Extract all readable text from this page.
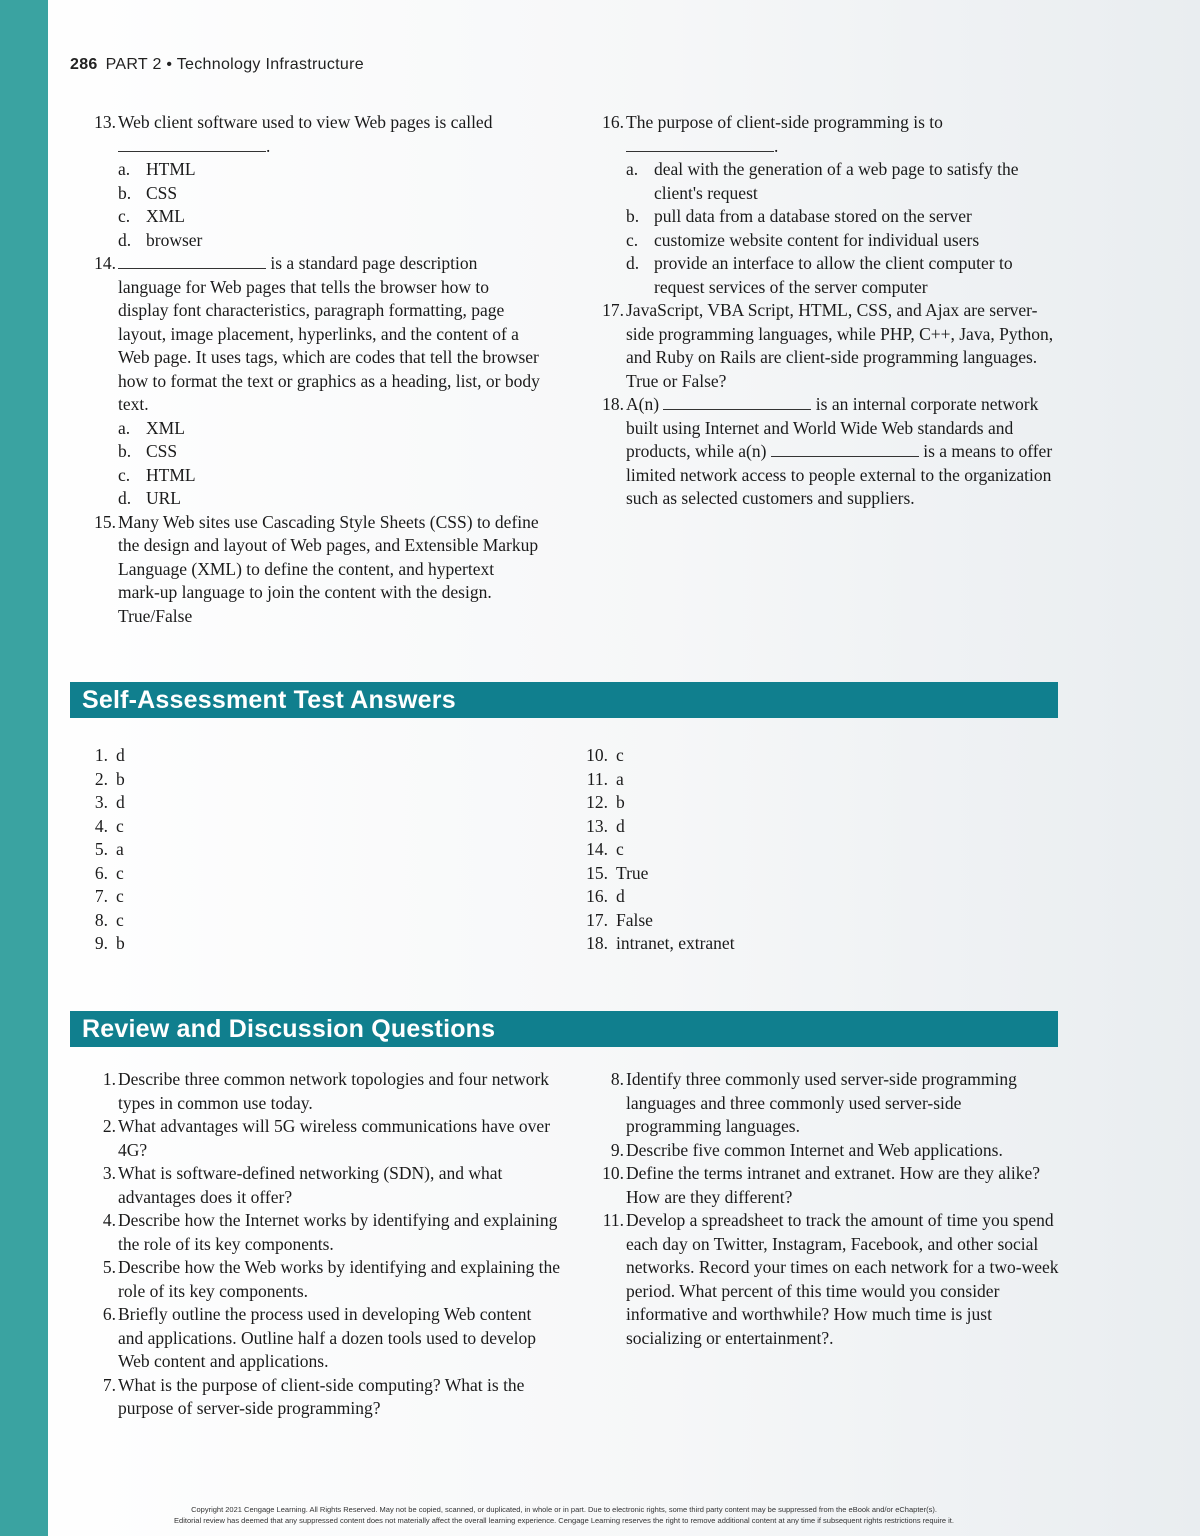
286 PART 2 • Technology Infrastructure
13. Web client software used to view Web pages is called .
a. HTML
b. CSS
c. XML
d. browser
14.	is a standard page description language for Web pages that tells the browser how to display font characteristics, paragraph formatting, page layout, image placement, hyperlinks, and the content of a Web page. It uses tags, which are codes that tell the browser how to format the text or graphics as a heading, list, or body text.
a. XML
b. CSS
c. HTML
d. URL
15. Many Web sites use Cascading Style Sheets (CSS) to define the design and layout of Web pages, and Extensible Markup Language (XML) to define the content, and hypertext mark-up language to join the content with the design. True/False
16. The purpose of client-side programming is to
.
a. deal with the generation of a web page to satisfy the client's request
b. pull data from a database stored on the server
c. customize website content for individual users
d. provide an interface to allow the client computer to request services of the server computer
17. JavaScript, VBA Script, HTML, CSS, and Ajax are server-side programming languages, while PHP, C++, Java, Python, and Ruby on Rails are client-side programming languages. True or False?
18. A(n)	is an internal corporate network built using Internet and World Wide Web standards and products, while a(n)	is a means to offer limited network access to people external to the organization such as selected customers and suppliers.
Self-Assessment Test Answers
1. d
2. b
3. d
4. c
5. a
6. c
7. c
8. c
9. b
10. c
11. a
12. b
13. d
14. c
15. True
16. d
17. False
18. intranet, extranet
Review and Discussion Questions
1. Describe three common network topologies and four network types in common use today.
2. What advantages will 5G wireless communications have over 4G?
3. What is software-defined networking (SDN), and what advantages does it offer?
4. Describe how the Internet works by identifying and explaining the role of its key components.
5. Describe how the Web works by identifying and explaining the role of its key components.
6. Briefly outline the process used in developing Web content and applications. Outline half a dozen tools used to develop Web content and applications.
7. What is the purpose of client-side computing? What is the purpose of server-side programming?
8. Identify three commonly used server-side programming languages and three commonly used server-side programming languages.
9. Describe five common Internet and Web applications.
10. Define the terms intranet and extranet. How are they alike? How are they different?
11. Develop a spreadsheet to track the amount of time you spend each day on Twitter, Instagram, Facebook, and other social networks. Record your times on each network for a two-week period. What percent of this time would you consider informative and worthwhile? How much time is just socializing or entertainment?.
Copyright 2021 Cengage Learning. All Rights Reserved. May not be copied, scanned, or duplicated, in whole or in part. Due to electronic rights, some third party content may be suppressed from the eBook and/or eChapter(s).
Editorial review has deemed that any suppressed content does not materially affect the overall learning experience. Cengage Learning reserves the right to remove additional content at any time if subsequent rights restrictions require it.
